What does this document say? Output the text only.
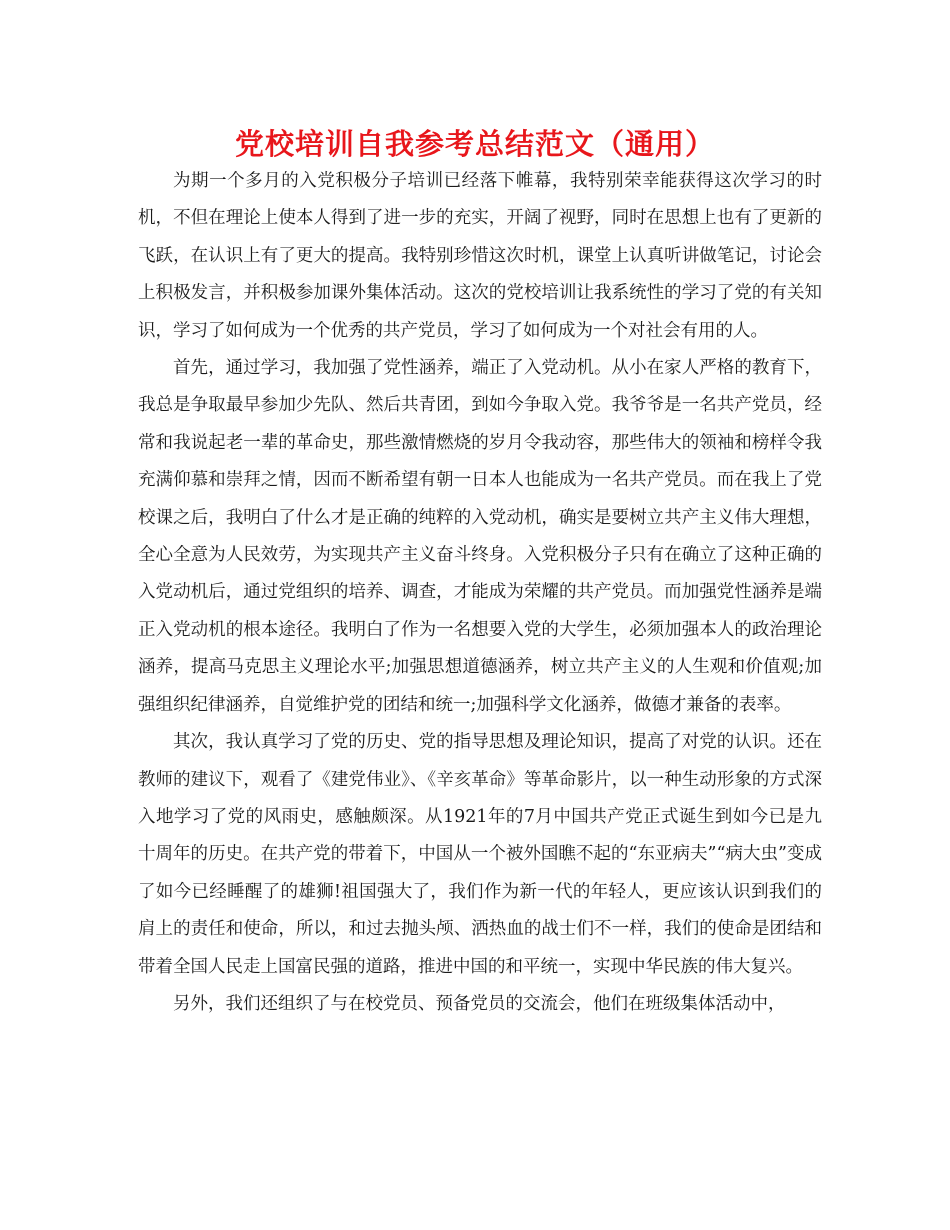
党校培训自我参考总结范文（通用）

为期一个多月的入党积极分子培训已经落下帷幕，我特别荣幸能获得这次学习的时机，不但在理论上使本人得到了进一步的充实，开阔了视野，同时在思想上也有了更新的飞跃，在认识上有了更大的提高。我特别珍惜这次时机，课堂上认真听讲做笔记，讨论会上积极发言，并积极参加课外集体活动。这次的党校培训让我系统性的学习了党的有关知识，学习了如何成为一个优秀的共产党员，学习了如何成为一个对社会有用的人。

首先，通过学习，我加强了党性涵养，端正了入党动机。从小在家人严格的教育下，我总是争取最早参加少先队、然后共青团，到如今争取入党。我爷爷是一名共产党员，经常和我说起老一辈的革命史，那些激情燃烧的岁月令我动容，那些伟大的领袖和榜样令我充满仰慕和崇拜之情，因而不断希望有朝一日本人也能成为一名共产党员。而在我上了党校课之后，我明白了什么才是正确的纯粹的入党动机，确实是要树立共产主义伟大理想，全心全意为人民效劳，为实现共产主义奋斗终身。入党积极分子只有在确立了这种正确的入党动机后，通过党组织的培养、调查，才能成为荣耀的共产党员。而加强党性涵养是端正入党动机的根本途径。我明白了作为一名想要入党的大学生，必须加强本人的政治理论涵养，提高马克思主义理论水平;加强思想道德涵养，树立共产主义的人生观和价值观;加强组织纪律涵养，自觉维护党的团结和统一;加强科学文化涵养，做德才兼备的表率。

其次，我认真学习了党的历史、党的指导思想及理论知识，提高了对党的认识。还在教师的建议下，观看了《建党伟业》、《辛亥革命》等革命影片，以一种生动形象的方式深入地学习了党的风雨史，感触颇深。从1921年的7月中国共产党正式诞生到如今已是九十周年的历史。在共产党的带着下，中国从一个被外国瞧不起的“东亚病夫”“病大虫”变成了如今已经睡醒了的雄狮!祖国强大了，我们作为新一代的年轻人，更应该认识到我们的肩上的责任和使命，所以，和过去抛头颅、洒热血的战士们不一样，我们的使命是团结和带着全国人民走上国富民强的道路，推进中国的和平统一，实现中华民族的伟大复兴。

另外，我们还组织了与在校党员、预备党员的交流会，他们在班级集体活动中，
